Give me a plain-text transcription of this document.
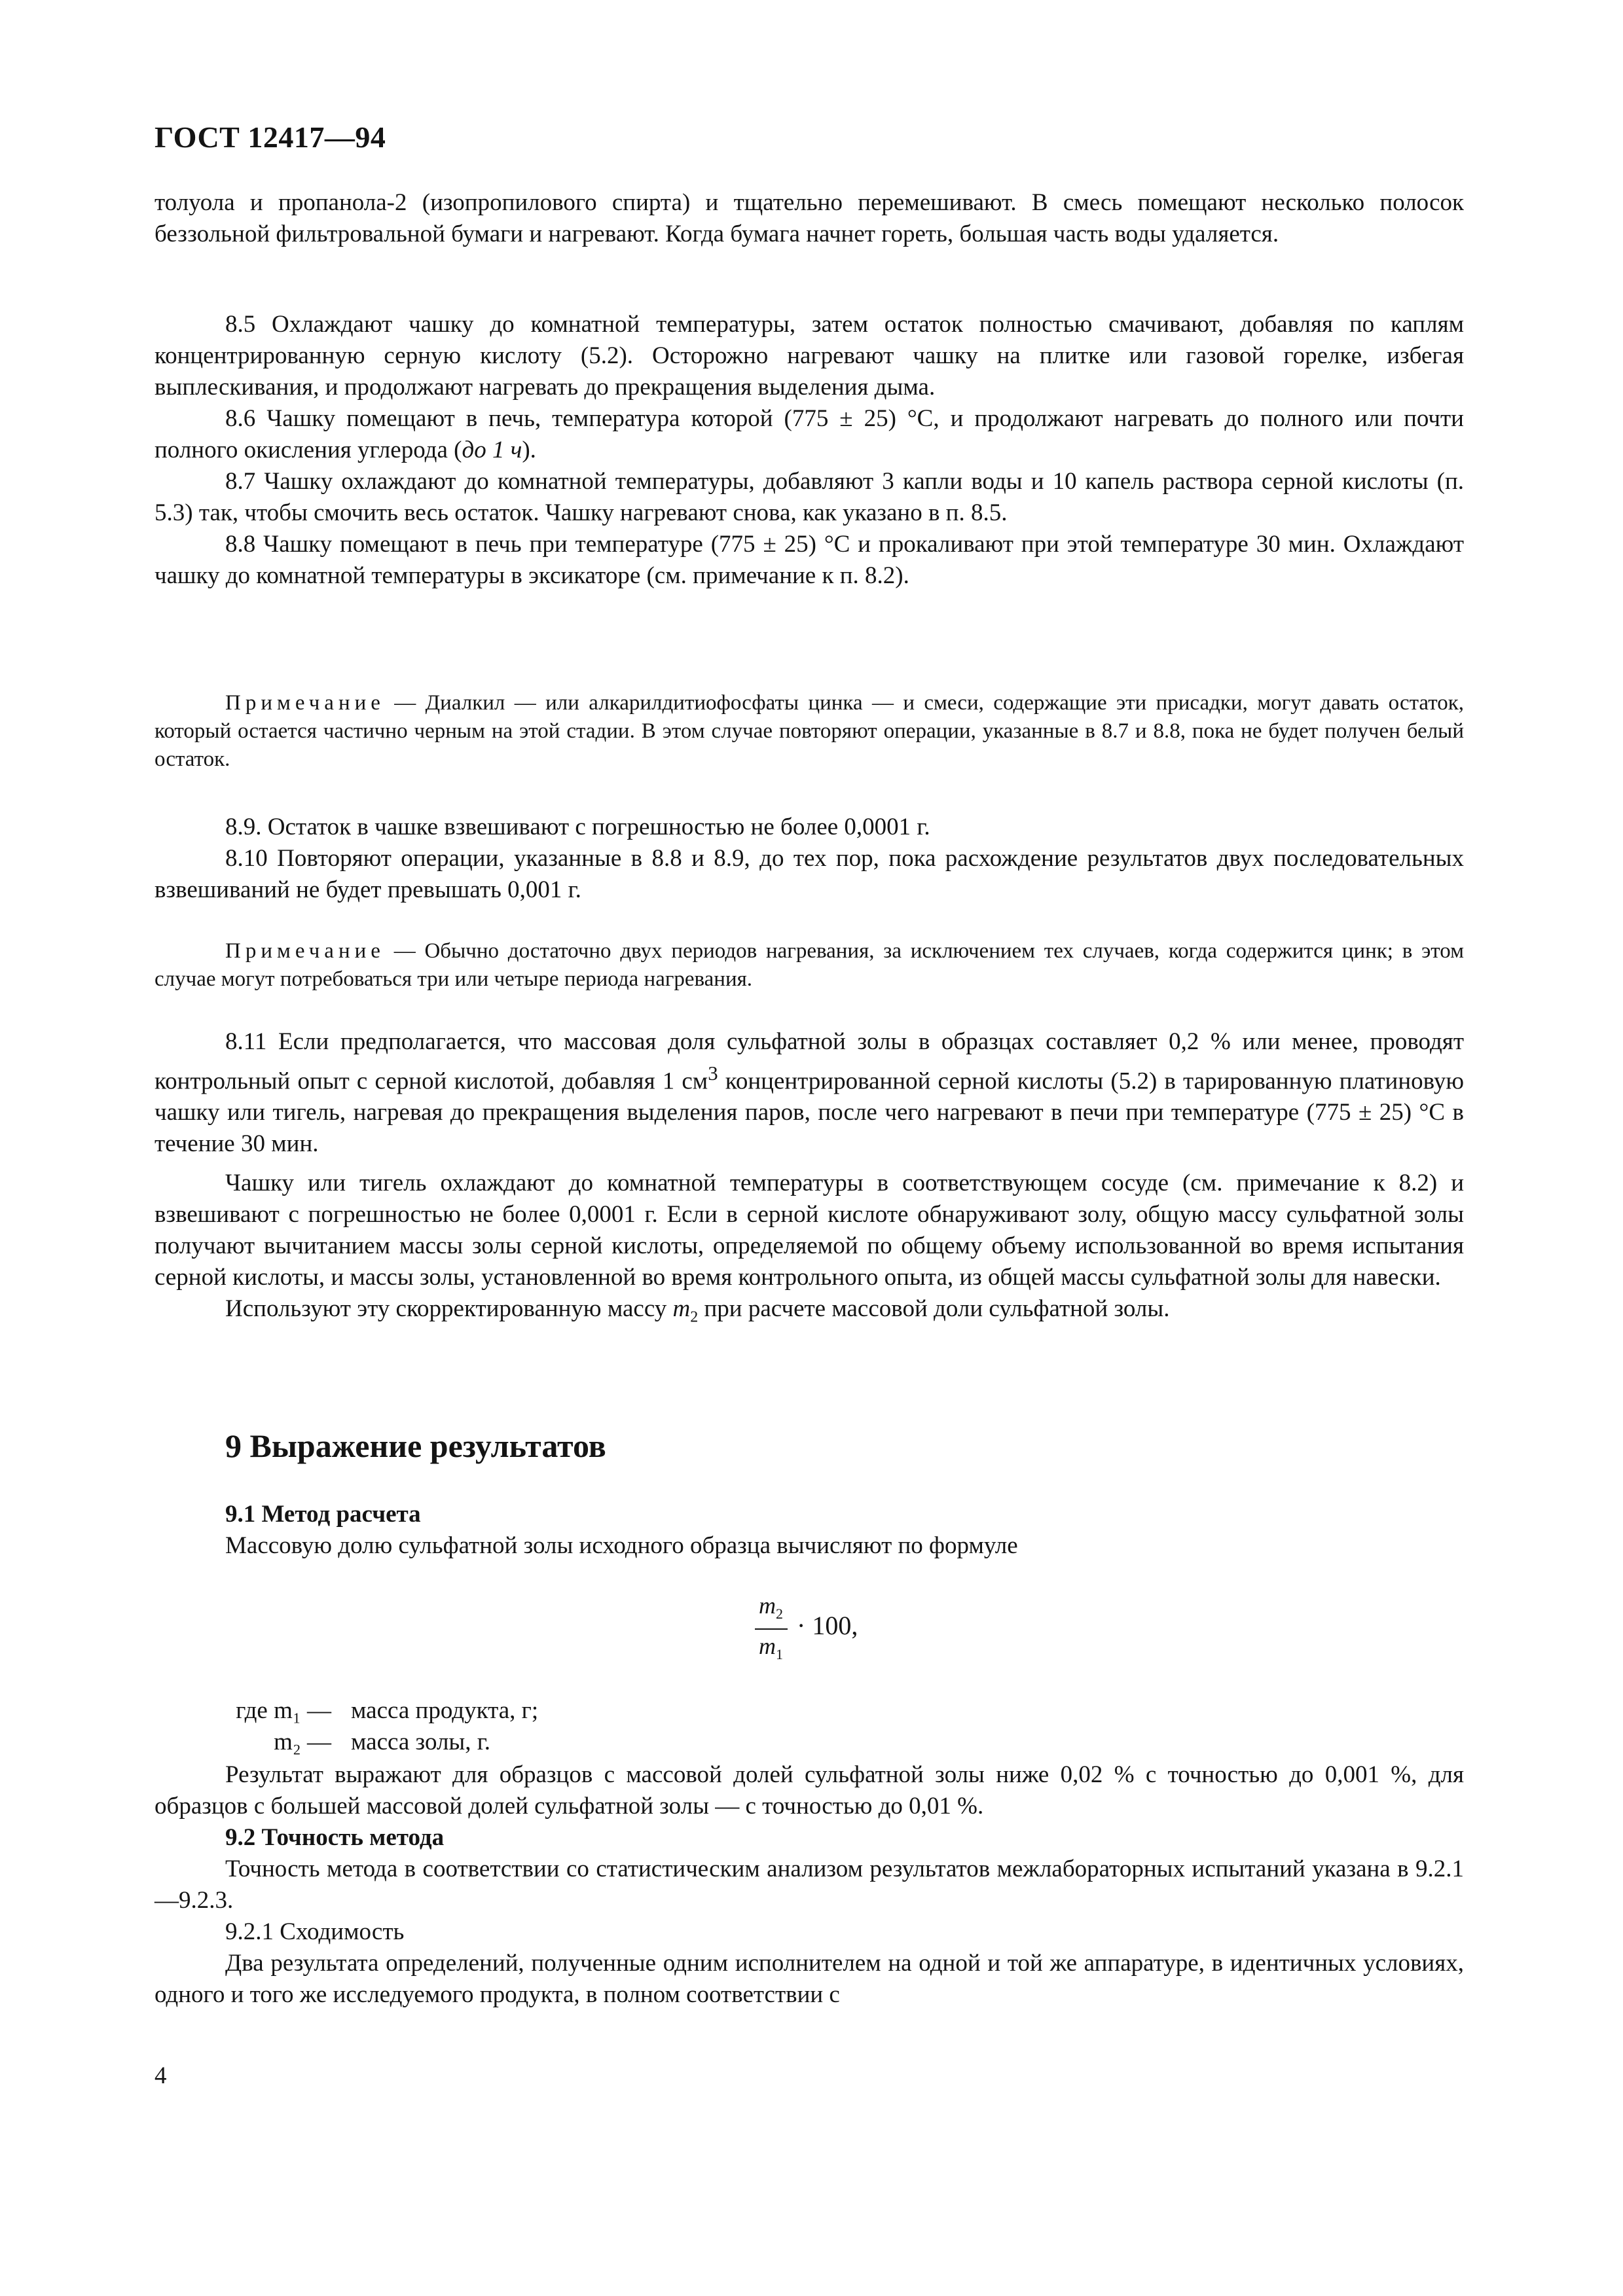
ГОСТ 12417—94

толуола и пропанола-2 (изопропилового спирта) и тщательно перемешивают. В смесь помещают несколько полосок беззольной фильтровальной бумаги и нагревают. Когда бумага начнет гореть, большая часть воды удаляется.

8.5 Охлаждают чашку до комнатной температуры, затем остаток полностью смачивают, добавляя по каплям концентрированную серную кислоту (5.2). Осторожно нагревают чашку на плитке или газовой горелке, избегая выплескивания, и продолжают нагревать до прекращения выделения дыма.

8.6 Чашку помещают в печь, температура которой (775 ± 25) °С, и продолжают нагревать до полного или почти полного окисления углерода (до 1 ч).

8.7 Чашку охлаждают до комнатной температуры, добавляют 3 капли воды и 10 капель раствора серной кислоты (п. 5.3) так, чтобы смочить весь остаток. Чашку нагревают снова, как указано в п. 8.5.

8.8 Чашку помещают в печь при температуре (775 ± 25) °С и прокаливают при этой температуре 30 мин. Охлаждают чашку до комнатной температуры в эксикаторе (см. примечание к п. 8.2).

Примечание — Диалкил — или алкарилдитиофосфаты цинка — и смеси, содержащие эти присадки, могут давать остаток, который остается частично черным на этой стадии. В этом случае повторяют операции, указанные в 8.7 и 8.8, пока не будет получен белый остаток.

8.9. Остаток в чашке взвешивают с погрешностью не более 0,0001 г.

8.10 Повторяют операции, указанные в 8.8 и 8.9, до тех пор, пока расхождение результатов двух последовательных взвешиваний не будет превышать 0,001 г.

Примечание — Обычно достаточно двух периодов нагревания, за исключением тех случаев, когда содержится цинк; в этом случае могут потребоваться три или четыре периода нагревания.

8.11 Если предполагается, что массовая доля сульфатной золы в образцах составляет 0,2 % или менее, проводят контрольный опыт с серной кислотой, добавляя 1 $см^3$ концентрированной серной кислоты (5.2) в тарированную платиновую чашку или тигель, нагревая до прекращения выделения паров, после чего нагревают в печи при температуре (775 ± 25) °С в течение 30 мин.

Чашку или тигель охлаждают до комнатной температуры в соответствующем сосуде (см. примечание к 8.2) и взвешивают с погрешностью не более 0,0001 г. Если в серной кислоте обнаруживают золу, общую массу сульфатной золы получают вычитанием массы золы серной кислоты, определяемой по общему объему использованной во время испытания серной кислоты, и массы золы, установленной во время контрольного опыта, из общей массы сульфатной золы для навески.

Используют эту скорректированную массу $m_2$ при расчете массовой доли сульфатной золы.

9 Выражение результатов

9.1 Метод расчета

Массовую долю сульфатной золы исходного образца вычисляют по формуле

$m_2$
$m_1$
· 100,
где m₁ — масса продукта, г;
m₂ — масса золы, г.

Результат выражают для образцов с массовой долей сульфатной золы ниже 0,02 % с точностью до 0,001 %, для образцов с большей массовой долей сульфатной золы — с точностью до 0,01 %.

9.2 Точность метода

Точность метода в соответствии со статистическим анализом результатов межлабораторных испытаний указана в 9.2.1—9.2.3.

9.2.1 Сходимость

Два результата определений, полученные одним исполнителем на одной и той же аппаратуре, в идентичных условиях, одного и того же исследуемого продукта, в полном соответствии с

4
